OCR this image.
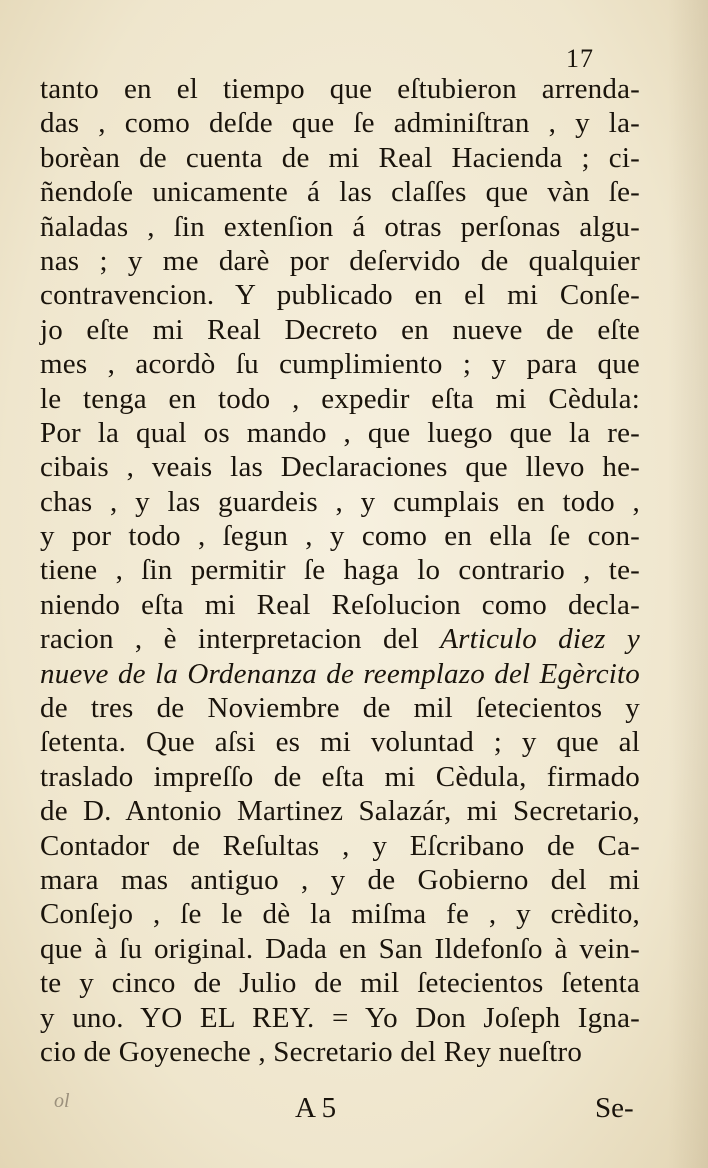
17
tanto en el tiempo que eſtubieron arrenda-
das , como deſde que ſe adminiſtran , y la-
borèan de cuenta de mi Real Hacienda ; ci-
ñendoſe unicamente á las claſſes que vàn ſe-
ñaladas , ſin extenſion á otras perſonas algu-
nas ; y me darè por deſervido de qualquier
contravencion. Y publicado en el mi Conſe-
jo eſte mi Real Decreto en nueve de eſte
mes , acordò ſu cumplimiento ; y para que
le tenga en todo , expedir eſta mi Cèdula:
Por la qual os mando , que luego que la re-
cibais , veais las Declaraciones que llevo he-
chas , y las guardeis , y cumplais en todo ,
y por todo , ſegun , y como en ella ſe con-
tiene , ſin permitir ſe haga lo contrario , te-
niendo eſta mi Real Reſolucion como decla-
racion , è interpretacion del Articulo diez y
nueve de la Ordenanza de reemplazo del Egèrcito
de tres de Noviembre de mil ſetecientos y
ſetenta. Que aſsi es mi voluntad ; y que al
traslado impreſſo de eſta mi Cèdula, firmado
de D. Antonio Martinez Salazár, mi Secretario,
Contador de Reſultas , y Eſcribano de Ca-
mara mas antiguo , y de Gobierno del mi
Conſejo , ſe le dè la miſma fe , y crèdito,
que à ſu original. Dada en San Ildefonſo à vein-
te y cinco de Julio de mil ſetecientos ſetenta
y uno. YO EL REY. = Yo Don Joſeph Igna-
cio de Goyeneche , Secretario del Rey nueſtro
ol	A 5	Se-
